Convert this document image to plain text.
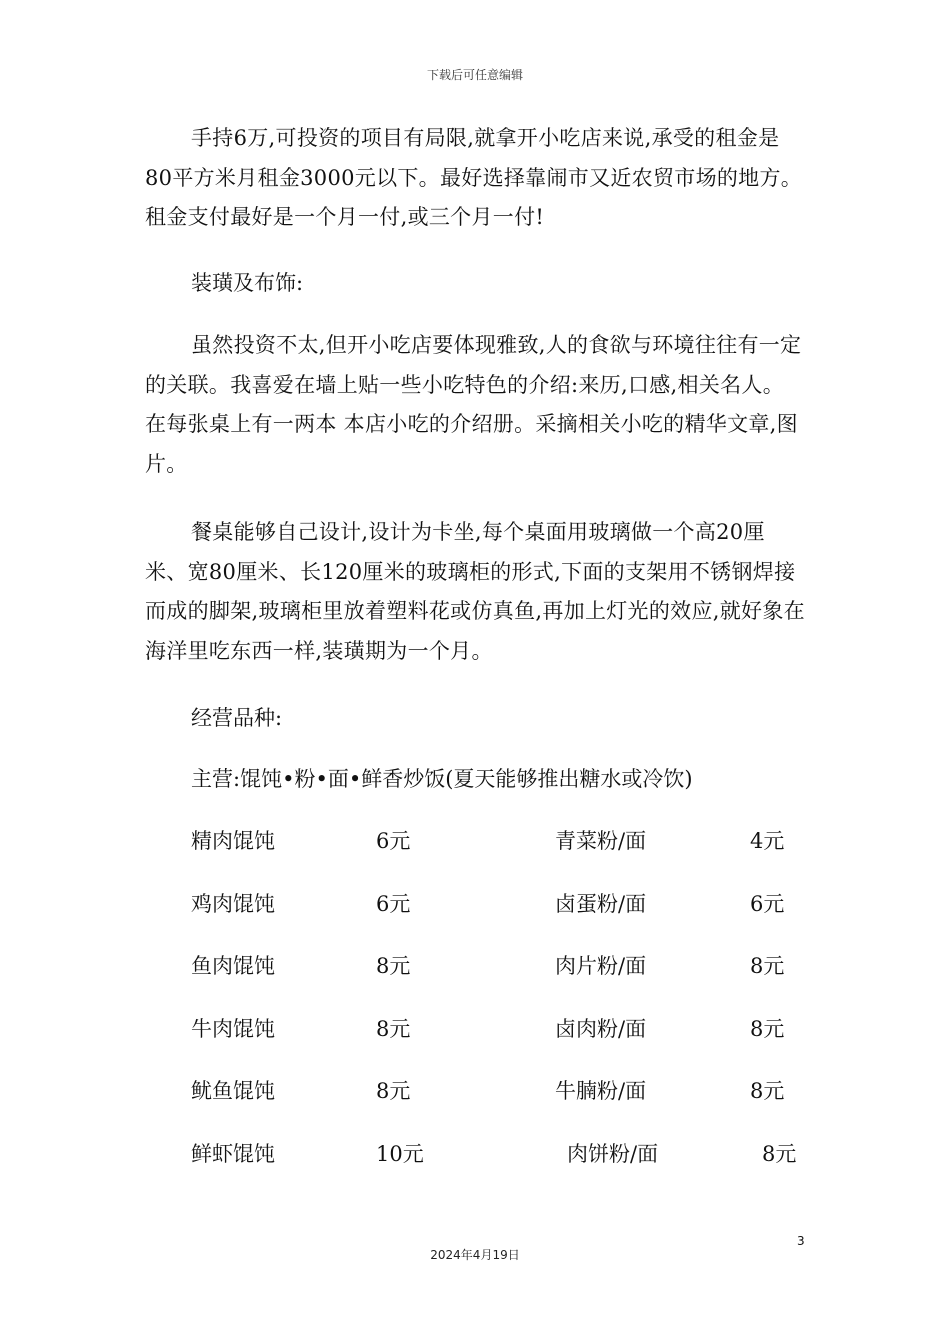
下载后可任意编辑

手持6万,可投资的项目有局限,就拿开小吃店来说,承受的租金是80平方米月租金3000元以下。最好选择靠闹市又近农贸市场的地方。租金支付最好是一个月一付,或三个月一付!

装璜及布饰:

虽然投资不太,但开小吃店要体现雅致,人的食欲与环境往往有一定的关联。我喜爱在墙上贴一些小吃特色的介绍:来历,口感,相关名人。在每张桌上有一两本 本店小吃的介绍册。采摘相关小吃的精华文章,图片。

餐桌能够自己设计,设计为卡坐,每个桌面用玻璃做一个高20厘米、宽80厘米、长120厘米的玻璃柜的形式,下面的支架用不锈钢焊接而成的脚架,玻璃柜里放着塑料花或仿真鱼,再加上灯光的效应,就好象在海洋里吃东西一样,装璜期为一个月。

经营品种:
主营:馄饨•粉•面•鲜香炒饭(夏天能够推出糖水或冷饮)
精肉馄饨	6元	青菜粉/面	4元
鸡肉馄饨	6元	卤蛋粉/面	6元
鱼肉馄饨	8元	肉片粉/面	8元
牛肉馄饨	8元	卤肉粉/面	8元
鱿鱼馄饨	8元	牛腩粉/面	8元
鲜虾馄饨	10元	肉饼粉/面	8元
3
2024年4月19日
